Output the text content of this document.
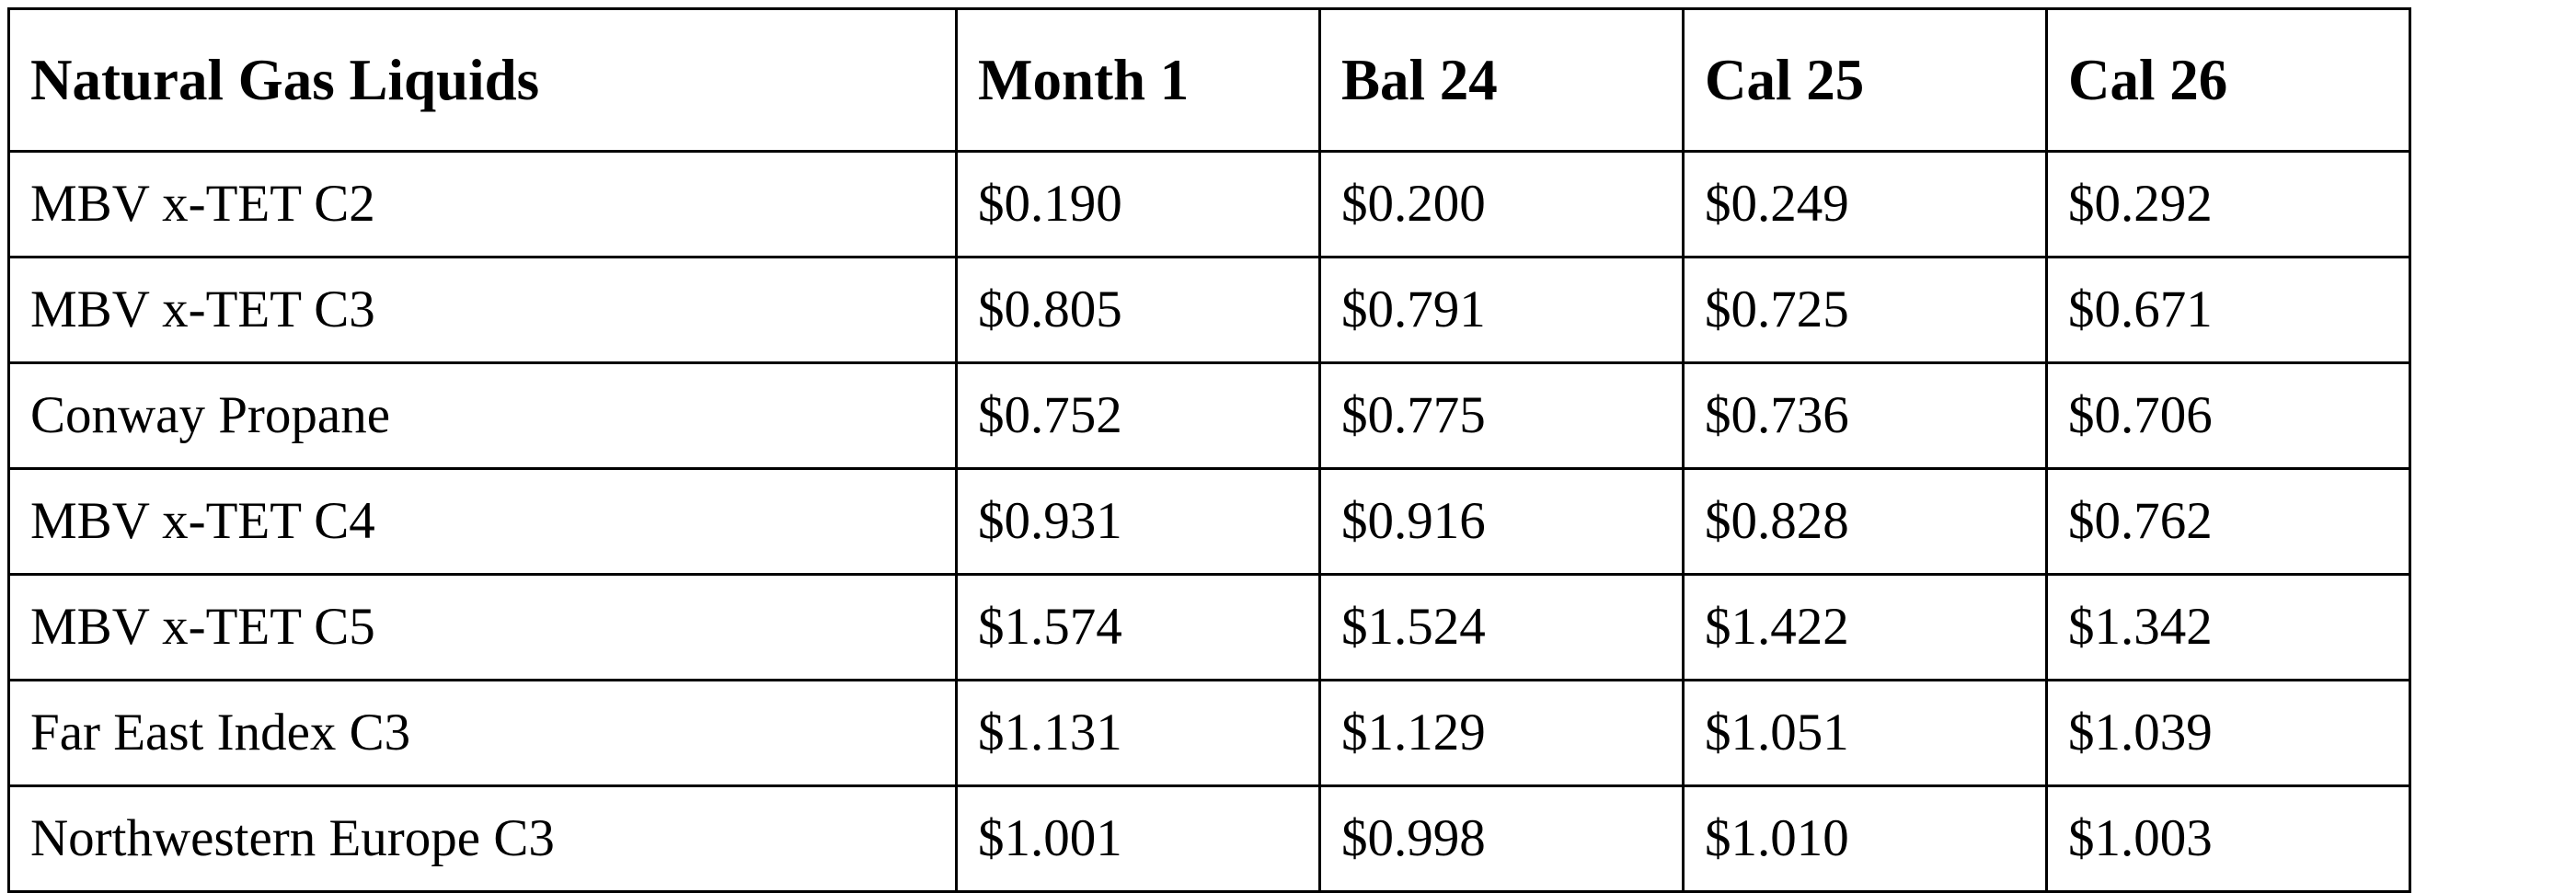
Natural Gas Liquids	Month 1	Bal 24	Cal 25	Cal 26
MBV x-TET C2	$0.190	$0.200	$0.249	$0.292
MBV x-TET C3	$0.805	$0.791	$0.725	$0.671
Conway Propane	$0.752	$0.775	$0.736	$0.706
MBV x-TET C4	$0.931	$0.916	$0.828	$0.762
MBV x-TET C5	$1.574	$1.524	$1.422	$1.342
Far East Index C3	$1.131	$1.129	$1.051	$1.039
Northwestern Europe C3	$1.001	$0.998	$1.010	$1.003
